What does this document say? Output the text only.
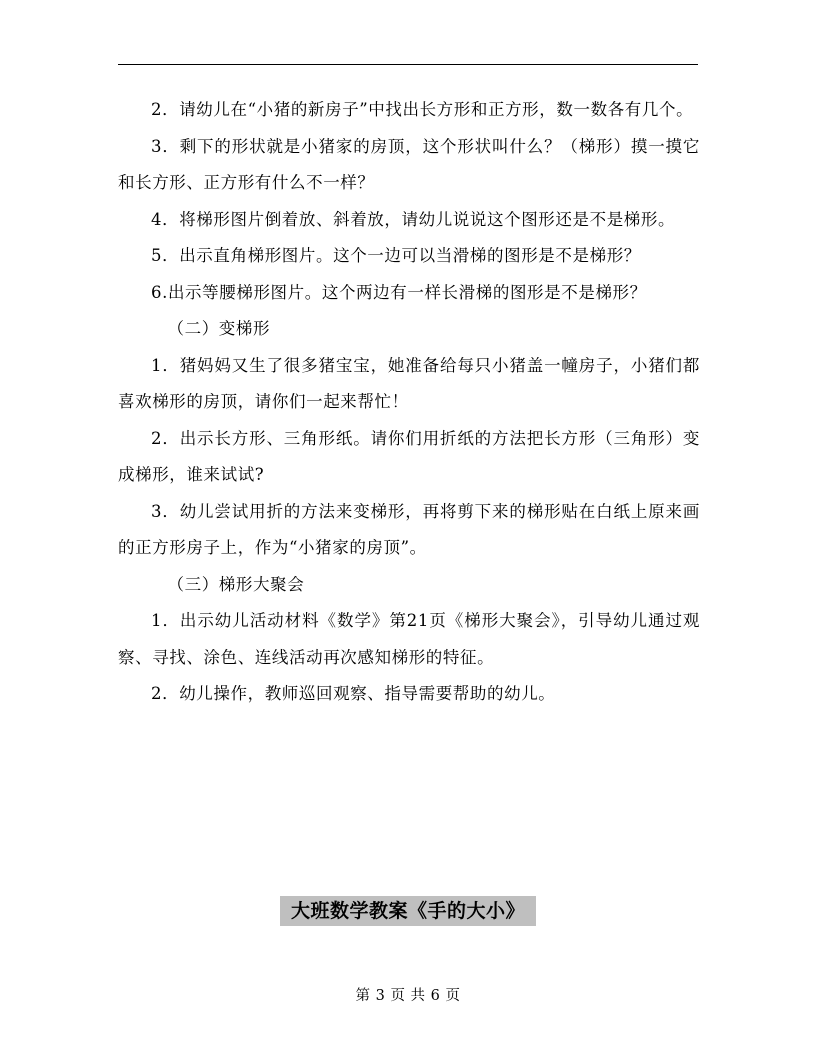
2．请幼儿在“小猪的新房子”中找出长方形和正方形，数一数各有几个。

3．剩下的形状就是小猪家的房顶，这个形状叫什么？（梯形）摸一摸它和长方形、正方形有什么不一样？

4．将梯形图片倒着放、斜着放，请幼儿说说这个图形还是不是梯形。

5．出示直角梯形图片。这个一边可以当滑梯的图形是不是梯形？

6.出示等腰梯形图片。这个两边有一样长滑梯的图形是不是梯形？

（二）变梯形

1．猪妈妈又生了很多猪宝宝，她准备给每只小猪盖一幢房子，小猪们都喜欢梯形的房顶，请你们一起来帮忙！

2．出示长方形、三角形纸。请你们用折纸的方法把长方形（三角形）变成梯形，谁来试试?

3．幼儿尝试用折的方法来变梯形，再将剪下来的梯形贴在白纸上原来画的正方形房子上，作为“小猪家的房顶”。

（三）梯形大聚会

1．出示幼儿活动材料《数学》第21页《梯形大聚会》，引导幼儿通过观察、寻找、涂色、连线活动再次感知梯形的特征。

2．幼儿操作，教师巡回观察、指导需要帮助的幼儿。

大班数学教案《手的大小》
第 3 页 共 6 页
